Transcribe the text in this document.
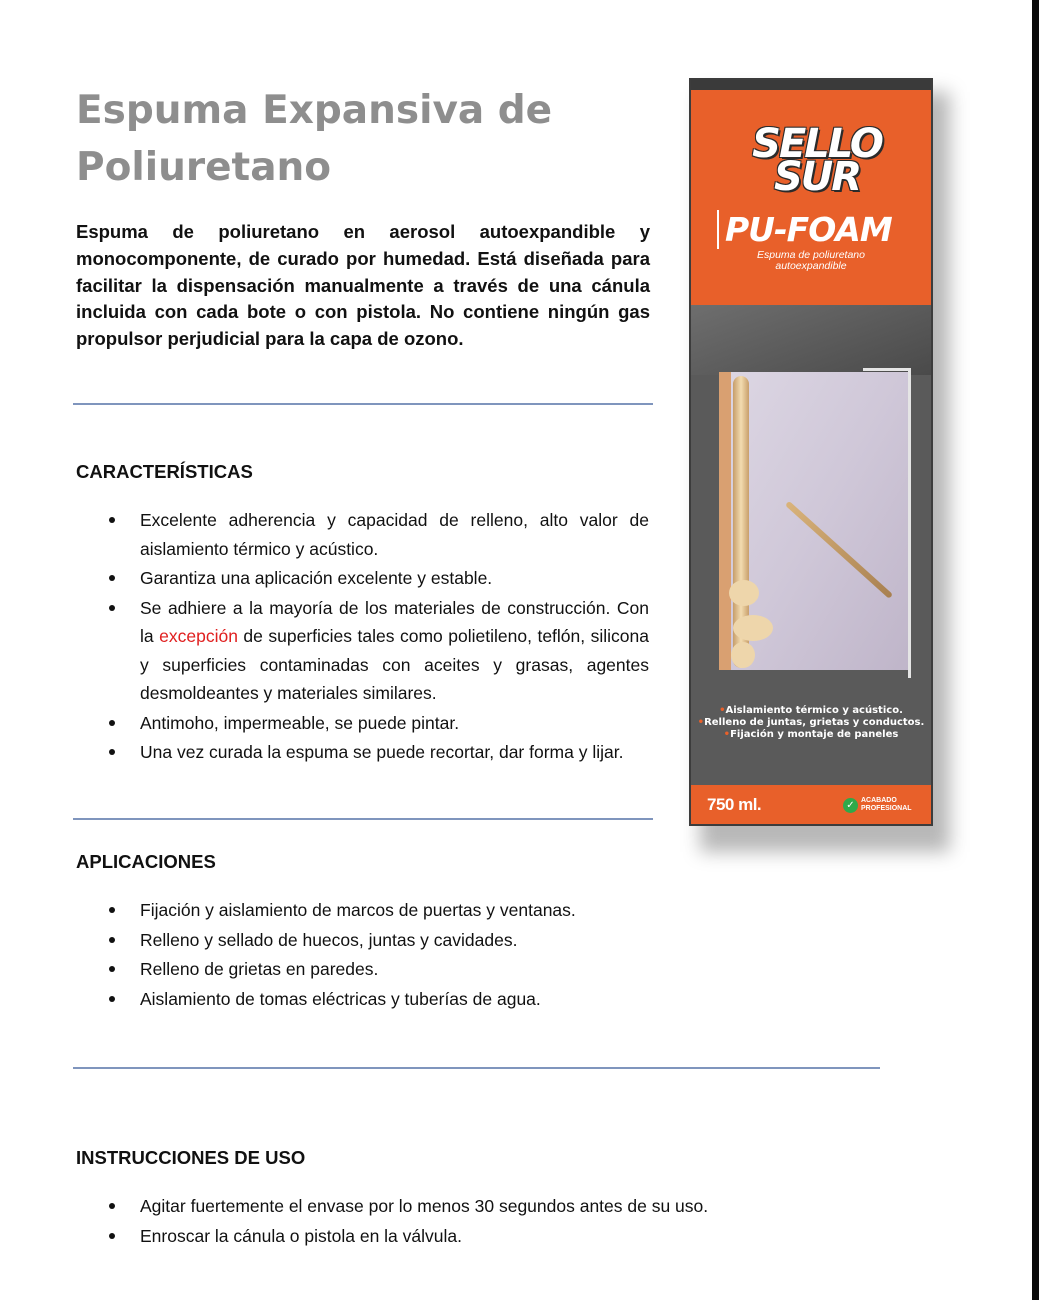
Espuma Expansiva de
Poliuretano

Espuma de poliuretano en aerosol autoexpandible y monocomponente, de curado por humedad. Está diseñada para facilitar la dispensación manualmente a través de una cánula incluida con cada bote o con pistola. No contiene ningún gas propulsor perjudicial para la capa de ozono.

CARACTERÍSTICAS
Excelente adherencia y capacidad de relleno, alto valor de aislamiento térmico y acústico.
Garantiza una aplicación excelente y estable.
Se adhiere a la mayoría de los materiales de construcción. Con la excepción de superficies tales como polietileno, teflón, silicona y superficies contaminadas con aceites y grasas, agentes desmoldeantes y materiales similares.
Antimoho, impermeable, se puede pintar.
Una vez curada la espuma se puede recortar, dar forma y lijar.
APLICACIONES
Fijación y aislamiento de marcos de puertas y ventanas.
Relleno y sellado de huecos, juntas y cavidades.
Relleno de grietas en paredes.
Aislamiento de tomas eléctricas y tuberías de agua.
INSTRUCCIONES DE USO
Agitar fuertemente el envase por lo menos 30 segundos antes de su uso.
Enroscar la cánula o pistola en la válvula.
SELLO
SUR
PU-FOAM
Espuma de poliuretano
autoexpandible
•Aislamiento térmico y acústico.
•Relleno de juntas, grietas y conductos.
•Fijación y montaje de paneles
750 ml.	✓ ACABADO
PROFESIONAL
